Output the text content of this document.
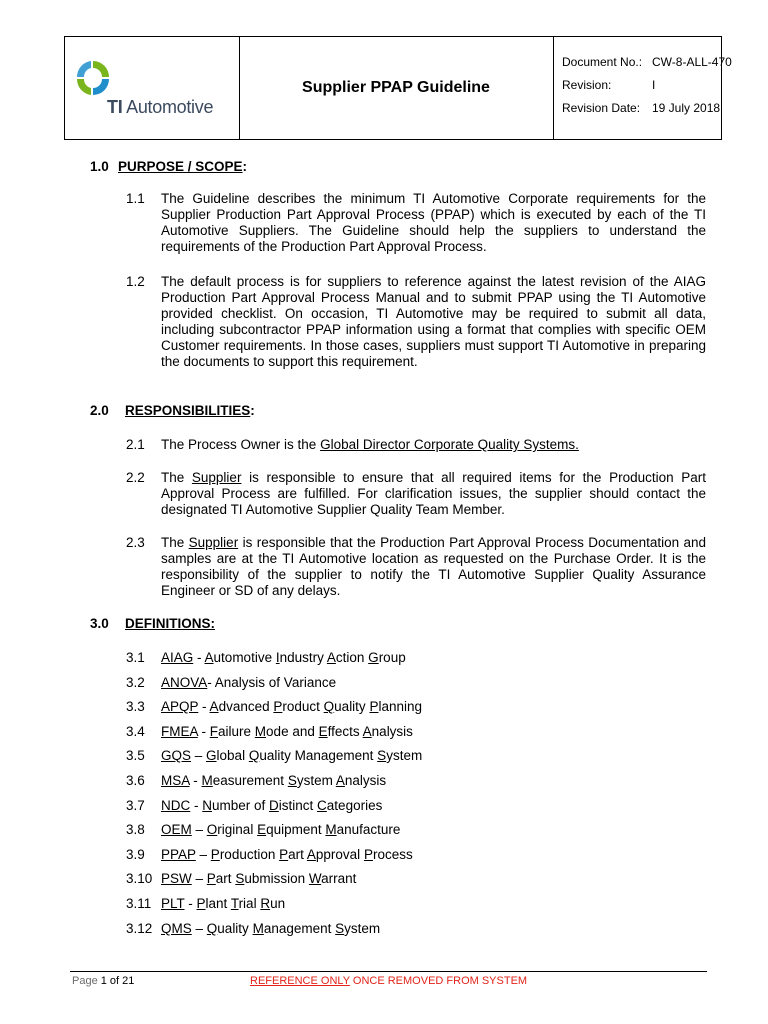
TI Automotive
Supplier PPAP Guideline
Document No.: CW-8-ALL-470
Revision:	I
Revision Date: 19 July 2018
1.0 PURPOSE / SCOPE:
1.1 The Guideline describes the minimum TI Automotive Corporate requirements for the Supplier Production Part Approval Process (PPAP) which is executed by each of the TI Automotive Suppliers. The Guideline should help the suppliers to understand the requirements of the Production Part Approval Process.
1.2 The default process is for suppliers to reference against the latest revision of the AIAG Production Part Approval Process Manual and to submit PPAP using the TI Automotive provided checklist. On occasion, TI Automotive may be required to submit all data, including subcontractor PPAP information using a format that complies with specific OEM Customer requirements. In those cases, suppliers must support TI Automotive in preparing the documents to support this requirement.
2.0 RESPONSIBILITIES:
2.1 The Process Owner is the Global Director Corporate Quality Systems.
2.2 The Supplier is responsible to ensure that all required items for the Production Part Approval Process are fulfilled. For clarification issues, the supplier should contact the designated TI Automotive Supplier Quality Team Member.
2.3 The Supplier is responsible that the Production Part Approval Process Documentation and samples are at the TI Automotive location as requested on the Purchase Order. It is the responsibility of the supplier to notify the TI Automotive Supplier Quality Assurance Engineer or SD of any delays.
3.0 DEFINITIONS:
3.1 AIAG - Automotive Industry Action Group
3.2 ANOVA- Analysis of Variance
3.3 APQP - Advanced Product Quality Planning
3.4 FMEA - Failure Mode and Effects Analysis
3.5 GQS – Global Quality Management System
3.6 MSA - Measurement System Analysis
3.7 NDC - Number of Distinct Categories
3.8 OEM – Original Equipment Manufacture
3.9 PPAP – Production Part Approval Process
3.10 PSW – Part Submission Warrant
3.11 PLT - Plant Trial Run
3.12 QMS – Quality Management System
Page 1 of 21	REFERENCE ONLY ONCE REMOVED FROM SYSTEM
